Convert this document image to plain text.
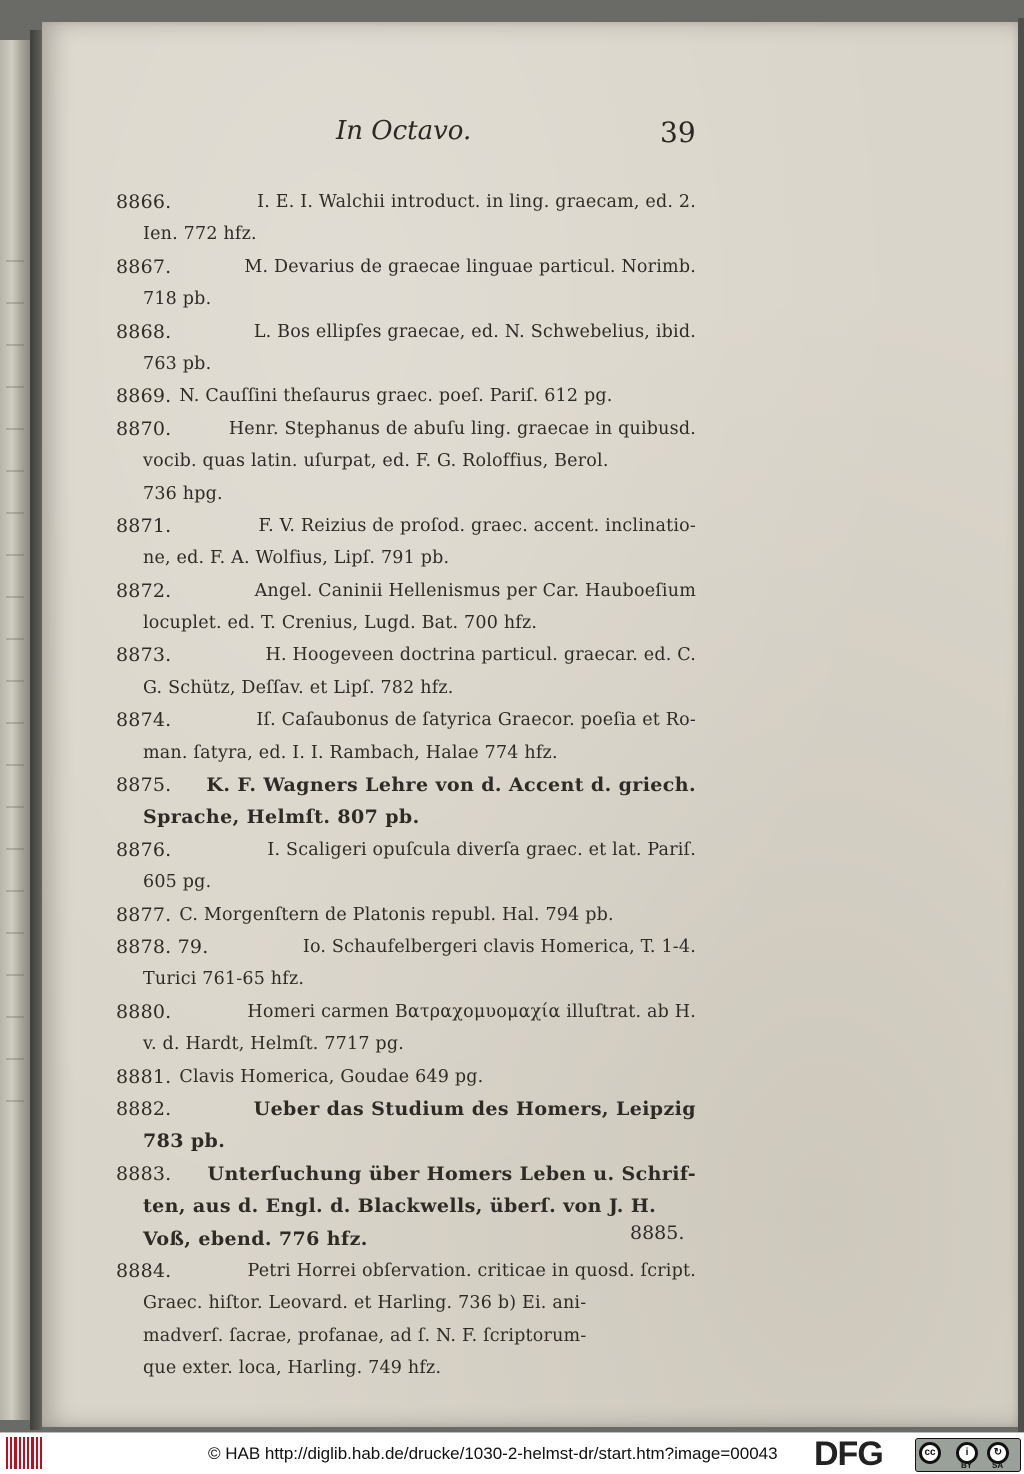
In Octavo.	39
8866.	I. E. I. Walchii introduct. in ling. graecam, ed. 2.
Ien. 772 hfz.
8867.	M. Devarius de graecae linguae particul. Norimb.
718 pb.
8868.	L. Bos ellipſes graecae, ed. N. Schwebelius, ibid.
763 pb.
8869. N. Cauſſini theſaurus graec. poeſ. Pariſ. 612 pg.
8870.	Henr. Stephanus de abuſu ling. graecae in quibusd.
vocib. quas latin. uſurpat, ed. F. G. Roloffius, Berol.
736 hpg.
8871.	F. V. Reizius de proſod. graec. accent. inclinatio-
ne, ed. F. A. Wolfius, Lipſ. 791 pb.
8872.	Angel. Caninii Hellenismus per Car. Hauboeſium
locuplet. ed. T. Crenius, Lugd. Bat. 700 hfz.
8873.	H. Hoogeveen doctrina particul. graecar. ed. C.
G. Schütz, Deſſav. et Lipſ. 782 hfz.
8874.	Iſ. Caſaubonus de ſatyrica Graecor. poeſia et Ro-
man. ſatyra, ed. I. I. Rambach, Halae 774 hfz.
8875. K. F. Wagners Lehre von d. Accent d. griech.
Sprache, Helmſt. 807 pb.
8876.	I. Scaligeri opuſcula diverſa graec. et lat. Pariſ.
605 pg.
8877. C. Morgenſtern de Platonis republ. Hal. 794 pb.
8878. 79.	Io. Schaufelbergeri clavis Homerica, T. 1-4.
Turici 761-65 hfz.
8880.	Homeri carmen Βατραχομυομαχία illuſtrat. ab H.
v. d. Hardt, Helmſt. 7717 pg.
8881. Clavis Homerica, Goudae 649 pg.
8882.	Ueber das Studium des Homers, Leipzig
783 pb.
8883. Unterſuchung über Homers Leben u. Schrif-
ten, aus d. Engl. d. Blackwells, überſ. von J. H.
Voß, ebend. 776 hfz.
8884.	Petri Horrei obſervation. criticae in quosd. ſcript.
Graec. hiſtor. Leovard. et Harling. 736 b) Ei. ani-
madverſ. ſacrae, profanae, ad ſ. N. F. ſcriptorum-
que exter. loca, Harling. 749 hfz.
8885.
© HAB http://diglib.hab.de/drucke/1030-2-helmst-dr/start.htm?image=00043 DFG	cc	i	↻
BY SA
